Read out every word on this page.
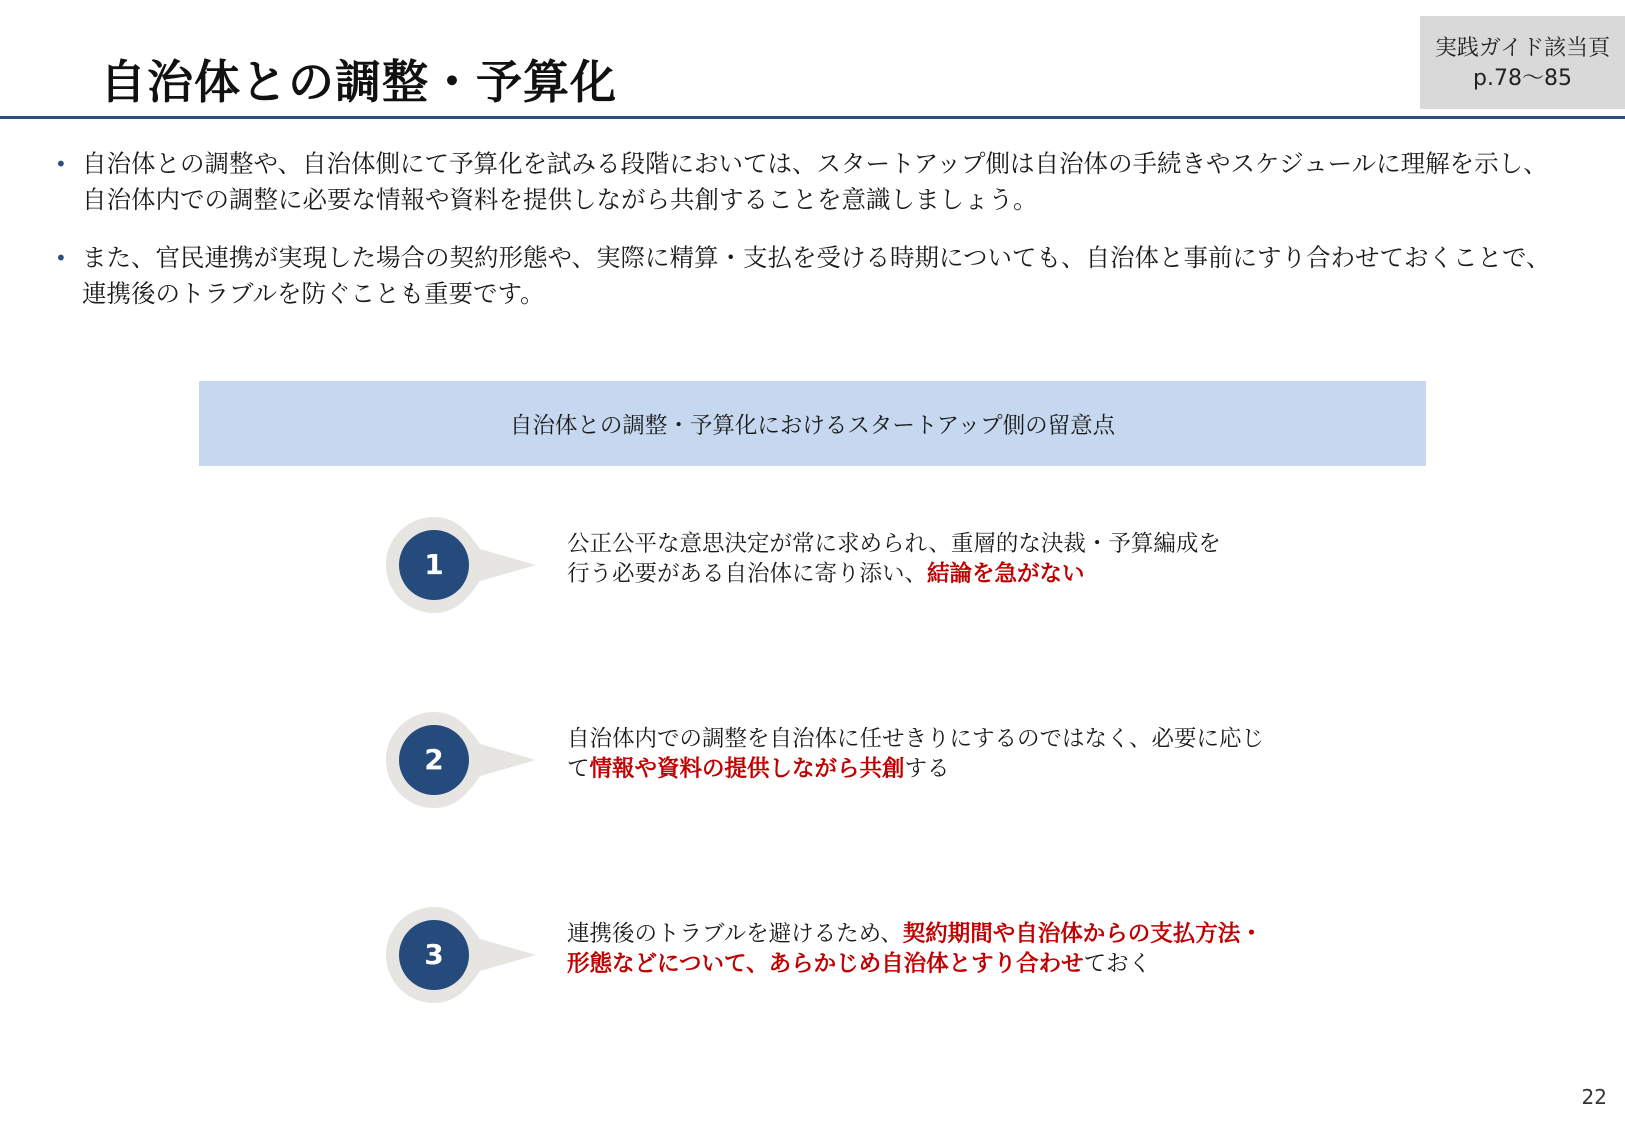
自治体との調整・予算化
実践ガイド該当頁
p.78〜85
• 自治体との調整や、自治体側にて予算化を試みる段階においては、スタートアップ側は自治体の手続きやスケジュールに理解を示し、
自治体内での調整に必要な情報や資料を提供しながら共創することを意識しましょう。
• また、官民連携が実現した場合の契約形態や、実際に精算・支払を受ける時期についても、自治体と事前にすり合わせておくことで、
連携後のトラブルを防ぐことも重要です。
自治体との調整・予算化におけるスタートアップ側の留意点
1
公正公平な意思決定が常に求められ、重層的な決裁・予算編成を
行う必要がある自治体に寄り添い、結論を急がない
2
自治体内での調整を自治体に任せきりにするのではなく、必要に応じ
て情報や資料の提供しながら共創する
3
連携後のトラブルを避けるため、契約期間や自治体からの支払方法・
形態などについて、あらかじめ自治体とすり合わせておく
22
